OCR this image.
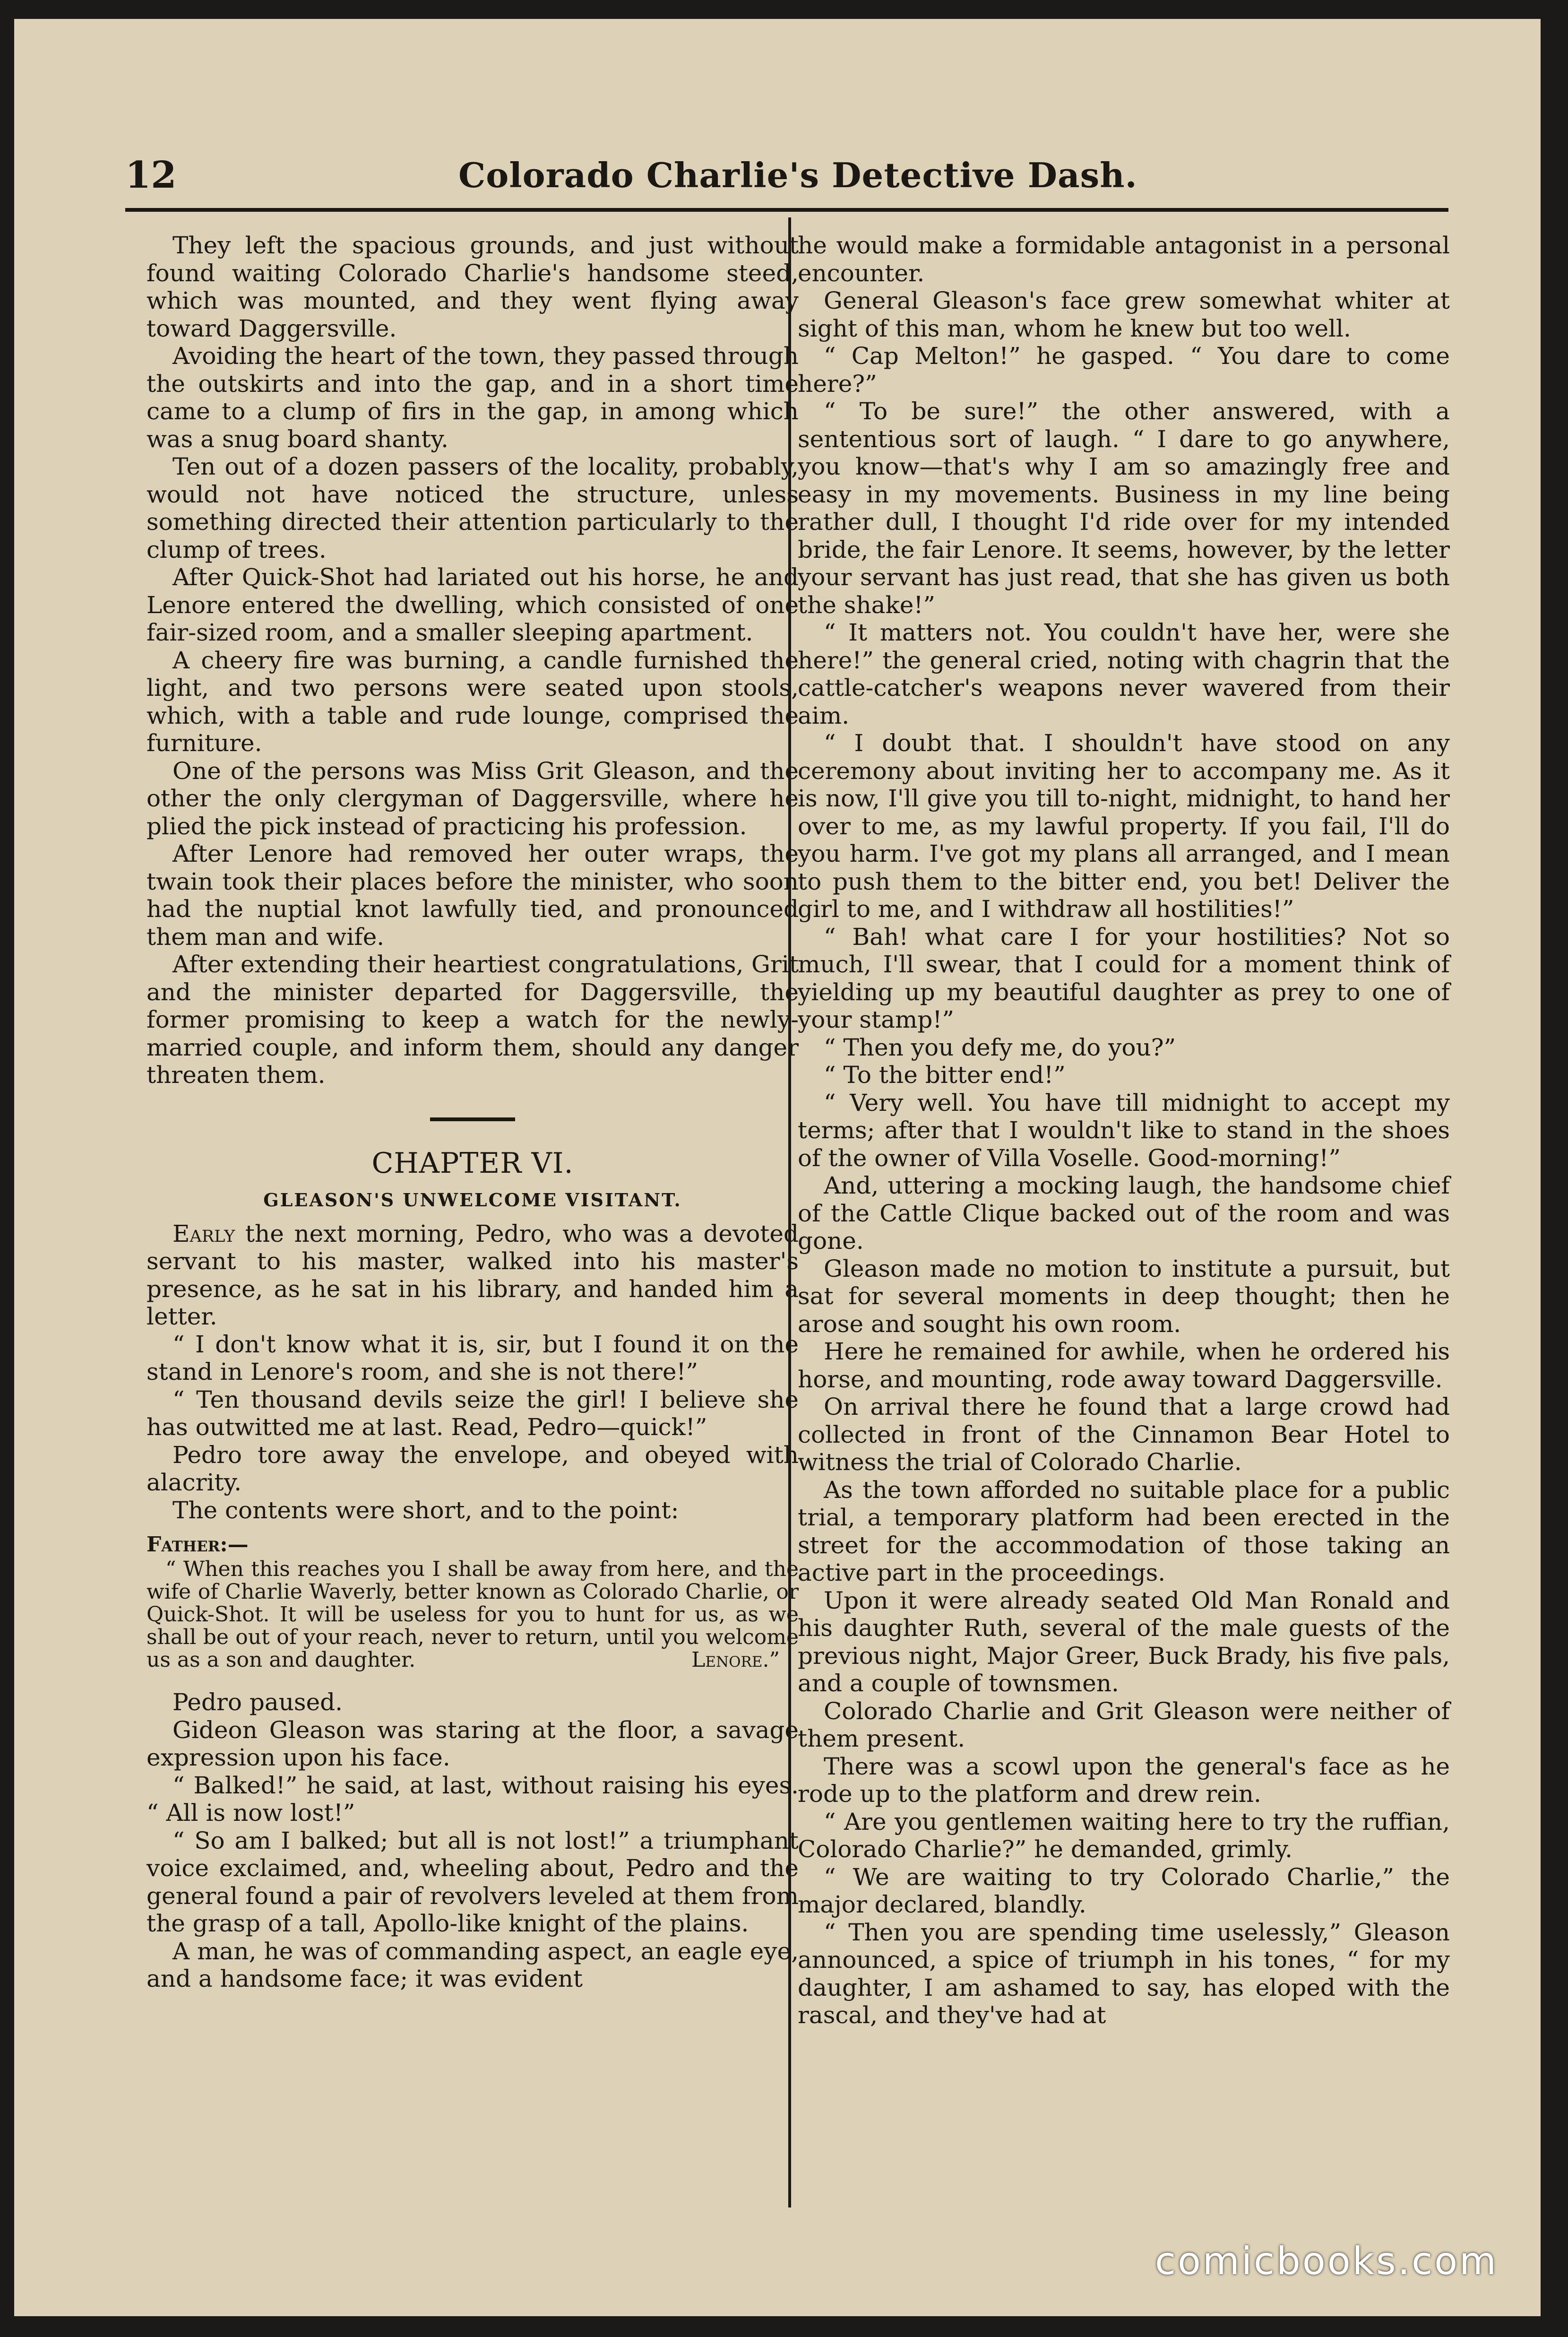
12	Colorado Charlie's Detective Dash.

They left the spacious grounds, and just without found waiting Colorado Charlie's handsome steed, which was mounted, and they went flying away toward Daggersville.

Avoiding the heart of the town, they passed through the outskirts and into the gap, and in a short time came to a clump of firs in the gap, in among which was a snug board shanty.

Ten out of a dozen passers of the locality, probably, would not have noticed the structure, unless something directed their attention particularly to the clump of trees.

After Quick-Shot had lariated out his horse, he and Lenore entered the dwelling, which consisted of one fair-sized room, and a smaller sleeping apartment.

A cheery fire was burning, a candle furnished the light, and two persons were seated upon stools, which, with a table and rude lounge, comprised the furniture.

One of the persons was Miss Grit Gleason, and the other the only clergyman of Daggersville, where he plied the pick instead of practicing his profession.

After Lenore had removed her outer wraps, the twain took their places before the minister, who soon had the nuptial knot lawfully tied, and pronounced them man and wife.

After extending their heartiest congratulations, Grit and the minister departed for Daggersville, the former promising to keep a watch for the newly-married couple, and inform them, should any danger threaten them.

CHAPTER VI.
GLEASON'S UNWELCOME VISITANT.

Early the next morning, Pedro, who was a devoted servant to his master, walked into his master's presence, as he sat in his library, and handed him a letter.

“ I don't know what it is, sir, but I found it on the stand in Lenore's room, and she is not there!”

“ Ten thousand devils seize the girl! I believe she has outwitted me at last. Read, Pedro—quick!”

Pedro tore away the envelope, and obeyed with alacrity.

The contents were short, and to the point:

Father:—
“ When this reaches you I shall be away from here, and the wife of Charlie Waverly, better known as Colorado Charlie, or Quick-Shot. It will be useless for you to hunt for us, as we shall be out of your reach, never to return, until you welcome us as a son and daughter.	Lenore.”

Pedro paused.

Gideon Gleason was staring at the floor, a savage expression upon his face.

“ Balked!” he said, at last, without raising his eyes. “ All is now lost!”

“ So am I balked; but all is not lost!” a triumphant voice exclaimed, and, wheeling about, Pedro and the general found a pair of revolvers leveled at them from the grasp of a tall, Apollo-like knight of the plains.

A man, he was of commanding aspect, an eagle eye, and a handsome face; it was evident

he would make a formidable antagonist in a personal encounter.

General Gleason's face grew somewhat whiter at sight of this man, whom he knew but too well.

“ Cap Melton!” he gasped. “ You dare to come here?”

“ To be sure!” the other answered, with a sententious sort of laugh. “ I dare to go anywhere, you know—that's why I am so amazingly free and easy in my movements. Business in my line being rather dull, I thought I'd ride over for my intended bride, the fair Lenore. It seems, however, by the letter your servant has just read, that she has given us both the shake!”

“ It matters not. You couldn't have her, were she here!” the general cried, noting with chagrin that the cattle-catcher's weapons never wavered from their aim.

“ I doubt that. I shouldn't have stood on any ceremony about inviting her to accompany me. As it is now, I'll give you till to-night, midnight, to hand her over to me, as my lawful property. If you fail, I'll do you harm. I've got my plans all arranged, and I mean to push them to the bitter end, you bet! Deliver the girl to me, and I withdraw all hostilities!”

“ Bah! what care I for your hostilities? Not so much, I'll swear, that I could for a moment think of yielding up my beautiful daughter as prey to one of your stamp!”

“ Then you defy me, do you?”

“ To the bitter end!”

“ Very well. You have till midnight to accept my terms; after that I wouldn't like to stand in the shoes of the owner of Villa Voselle. Good-morning!”

And, uttering a mocking laugh, the handsome chief of the Cattle Clique backed out of the room and was gone.

Gleason made no motion to institute a pursuit, but sat for several moments in deep thought; then he arose and sought his own room.

Here he remained for awhile, when he ordered his horse, and mounting, rode away toward Daggersville.

On arrival there he found that a large crowd had collected in front of the Cinnamon Bear Hotel to witness the trial of Colorado Charlie.

As the town afforded no suitable place for a public trial, a temporary platform had been erected in the street for the accommodation of those taking an active part in the proceedings.

Upon it were already seated Old Man Ronald and his daughter Ruth, several of the male guests of the previous night, Major Greer, Buck Brady, his five pals, and a couple of townsmen.

Colorado Charlie and Grit Gleason were neither of them present.

There was a scowl upon the general's face as he rode up to the platform and drew rein.

“ Are you gentlemen waiting here to try the ruffian, Colorado Charlie?” he demanded, grimly.

“ We are waiting to try Colorado Charlie,” the major declared, blandly.

“ Then you are spending time uselessly,” Gleason announced, a spice of triumph in his tones, “ for my daughter, I am ashamed to say, has eloped with the rascal, and they've had at

comicbooks.com
